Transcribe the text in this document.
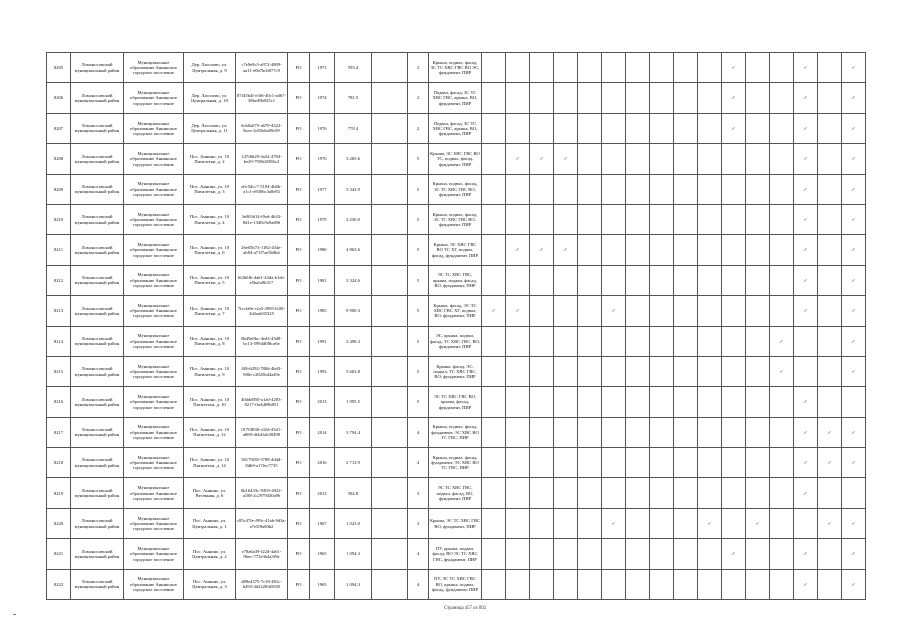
8205	Ломоносовский муниципальный район	Муниципальное образование Аннинское городское поселение	Дер. Лаголово, ул. Центральная, д. 9	c7e9e9c5-a972-4889-aa11-e0b7bcb877c9	РО	1971	593.4		2	Крыша, подвал, фасад, ЗС ТС ХВС ГВС ВО ЭС, фундамент, ПИР											✓			✓		✓
8206	Ломоносовский муниципальный район	Муниципальное образование Аннинское городское поселение	Дер. Лаголово, ул. Центральная, д. 10	87f45b4f-e3f6-40c1-ad67-38be49b925c1	РО	1974	781.5		2	Подвал, фасад, ЗС ТС ХВС ГВС, крыша, ВО, фундамент, ПИР											✓			✓		✓
8207	Ломоносовский муниципальный район	Муниципальное образование Аннинское городское поселение	Дер. Лаголово, ул. Центральная, д. 11	6cb0a075-a670-4522-8ace-2c83e6a80c09	РО	1976	778.4		2	Подвал, фасад, ЗС ТС ХВС ГВС, крыша, ВО, фундамент, ПИР											✓			✓		✓
8208	Ломоносовский муниципальный район	Муниципальное образование Аннинское городское поселение	Пос. Аннино, ул. 10 Пятилетки, д. 2	147f6629-4a32-4784-be29-7950d2586c2	РО	1976	3 265.6		5	Крыша, ЗС ХВС ГВС ВО ТС, подвал, фасад, фундамент, ПИР		✓	✓	✓										✓		✓
8209	Ломоносовский муниципальный район	Муниципальное образование Аннинское городское поселение	Пос. Аннино, ул. 10 Пятилетки, д. 3	e0c5dcc7-5184-4b6b-a1c1-e830bc3a8e83	РО	1977	3 343.9		5	Крыша, подвал, фасад, ЗС ТС ХВС ГВС ВО, фундамент, ПИР														✓		✓
8210	Ломоносовский муниципальный район	Муниципальное образование Аннинское городское поселение	Пос. Аннино, ул. 10 Пятилетки, д. 4	3e063d14-f0ed-4b33-8d1e-1348c9a9ad96	РО	1979	3 230.0		5	Крыша, подвал, фасад, ЗС ТС ХВС ГВС ВО, фундамент, ПИР														✓		✓
8211	Ломоносовский муниципальный район	Муниципальное образование Аннинское городское поселение	Пос. Аннино, ул. 10 Пятилетки, д. 6	26e05b73-1182-434e-ab84-a71f7ae5b8b4	РО	1980	4 863.6		5	Крыша, ЭС ХВС ГВС ВО ТС ХГ, подвал, фасад, фундамент, ПИР		✓	✓	✓										✓		✓
8212	Ломоносовский муниципальный район	Муниципальное образование Аннинское городское поселение	Пос. Аннино, ул. 10 Пятилетки, д. 5	6f2b6fb-4a61-43da-b1eb-e5bafa9b317	РО	1981	3 324.6		5	ЭС ТС ХВС ГВС, крыша, подвал, фасад, ВО, фундамент, ПИР														✓		✓
8213	Ломоносовский муниципальный район	Муниципальное образование Аннинское городское поселение	Пос. Аннино, ул. 10 Пятилетки, д. 7	7fccfa9e-cfa5-4995-b30f-3d2aa635325	РО	1985	9 900.3		5	Крыша, фасад, ЭС ТС ХВС ГВС ХГ, подвал, ВО, фундамент, ПИР	✓	✓				✓								✓		✓
8214	Ломоносовский муниципальный район	Муниципальное образование Аннинское городское поселение	Пос. Аннино, ул. 10 Пятилетки, д. 8	8b49a9bc-4ed3-43d8-bc13-5994d0f8ca6e	РО	1991	3 498.3		5	ЭС, крыша, подвал, фасад, ТС ХВС ГВС, ВО, фундамент, ПИР													✓			✓
8215	Ломоносовский муниципальный район	Муниципальное образование Аннинское городское поселение	Пос. Аннино, ул. 10 Пятилетки, д. 9	4f9c6292-788d-4bd3-9f6b-c2825bd4a49e	РО	1993	5 663.8		5	Крыша, фасад, ЭС, подвал, ТС ХВС ГВС, ВО, фундамент, ПИР													✓			✓
8216	Ломоносовский муниципальный район	Муниципальное образование Аннинское городское поселение	Пос. Аннино, ул. 10 Пятилетки, д. 10	40ddd050-a1a0-4283-8217-ffa4d69b851	РО	2013	1 995.5		5	ЭС ТС ХВС ГВС ВО, крыша, фасад, фундамент, ПИР														✓		
8217	Ломоносовский муниципальный район	Муниципальное образование Аннинское городское поселение	Пос. Аннино, ул. 10 Пятилетки, д. 12	0170f838-c02d-45d1-a869-df4d1ab38498	РО	2014	3 794.4		4	Крыша, подвал, фасад, фундамент, ЭС ХВС ВО ГС ГВС, ПИР														✓	✓	✓
8218	Ломоносовский муниципальный район	Муниципальное образование Аннинское городское поселение	Пос. Аннино, ул. 10 Пятилетки, д. 14	56179f39-3788-4d4d-8db9-a17fec7735	РО	2016	2 713.9		4	Крыша, подвал, фасад, фундамент, ЭС ХВС ВО ТС ГВС, ПИР														✓	✓	✓
8219	Ломоносовский муниципальный район	Муниципальное образование Аннинское городское поселение	Пос. Аннино, ул. Весенняя, д. 6	6b16433c-9493-4922-a188-2c2979430a96	РО	2013	584.8		3	ЭС ТС ХВС ГВС, подвал, фасад, ВО, фундамент, ПИР														✓		
8220	Ломоносовский муниципальный район	Муниципальное образование Аннинское городское поселение	Пос. Аннино, ул. Центральная, д. 1	c85c47fe-f99c-41ab-9d3a-a7e5f9a00b2	РО	1967	1 023.0		3	Крыша, ЭС ТС ХВС ГВС ВО, фундамент, ПИР						✓				✓		✓			✓	✓
8221	Ломоносовский муниципальный район	Муниципальное образование Аннинское городское поселение	Пос. Аннино, ул. Центральная, д. 2	e78a6a39-f22d-4a61-9bec-773e3b4a3f9e	РО	1965	1 094.3		4	ПУ, крыша, подвал, фасад, ВО ЭС ТС ХВС ГВС, фундамент, ПИР											✓			✓		✓
8222	Ломоносовский муниципальный район	Муниципальное образование Аннинское городское поселение	Пос. Аннино, ул. Центральная, д. 3	d88e4375-7c39-481c-b493-4d2220fd5650	РО	1965	1 094.3		4	ПУ, ЭС ТС ХВС ГВС ВО, крыша, подвал, фасад, фундамент, ПИР														✓		✓
Страница 457 из 892
